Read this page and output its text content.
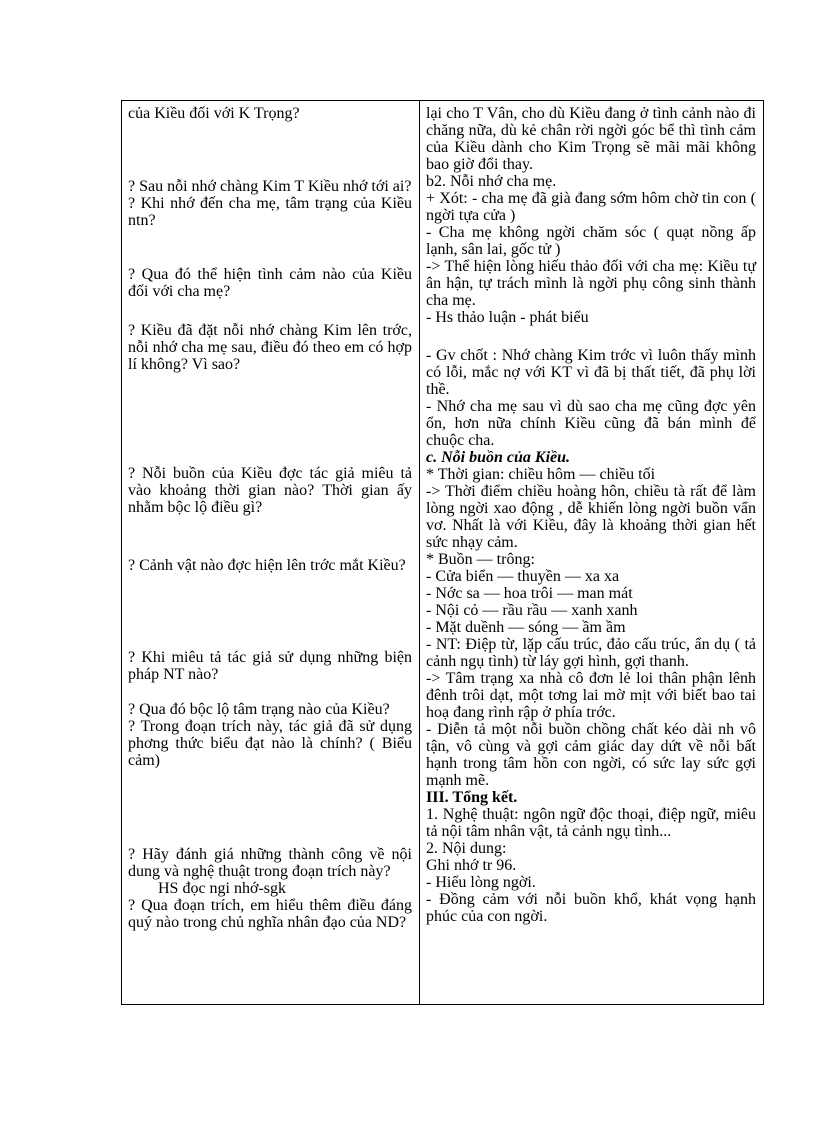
của Kiều đối với K Trọng?

? Sau nỗi nhớ chàng Kim T Kiều nhớ tới ai?

? Khi nhớ đến cha mẹ, tâm trạng của Kiều ntn?

? Qua đó thể hiện tình cảm nào của Kiều đối với cha mẹ?

? Kiều đã đặt nỗi nhớ chàng Kim lên trớc, nỗi nhớ cha mẹ sau, điều đó theo em có hợp lí không? Vì sao?

? Nỗi buồn của Kiều đợc tác giả miêu tả vào khoảng thời gian nào? Thời gian ấy nhằm bộc lộ điều gì?

? Cảnh vật nào đợc hiện lên trớc mắt Kiều?

? Khi miêu tả tác giả sử dụng những biện pháp NT nào?

? Qua đó bộc lộ tâm trạng nào của Kiều?

? Trong đoạn trích này, tác giả đã sử dụng phơng thức biểu đạt nào là chính? ( Biểu cảm)

? Hãy đánh giá những thành công về nội dung và nghệ thuật trong đoạn trích này?

HS đọc ngi nhớ-sgk

? Qua đoạn trích, em hiểu thêm điều đáng quý nào trong chủ nghĩa nhân đạo của ND?

lại cho T Vân, cho dù Kiều đang ở tình cảnh nào đi chăng nữa, dù kẻ chân rời ngời góc bể thì tình cảm của Kiều dành cho Kim Trọng sẽ mãi mãi không bao giờ đổi thay.

b2. Nỗi nhớ cha mẹ.

+ Xót: - cha mẹ đã già đang sớm hôm chờ tin con ( ngời tựa cửa )

- Cha mẹ không ngời chăm sóc ( quạt nồng ấp lạnh, sân lai, gốc tử )

-> Thể hiện lòng hiếu thảo đối với cha mẹ: Kiều tự ân hận, tự trách mình là ngời phụ công sinh thành cha mẹ.

- Hs thảo luận - phát biểu

- Gv chốt : Nhớ chàng Kim trớc vì luôn thấy mình có lỗi, mắc nợ với KT vì đã bị thất tiết, đã phụ lời thề.

- Nhớ cha mẹ sau vì dù sao cha mẹ cũng đợc yên ổn, hơn nữa chính Kiều cũng đã bán mình để chuộc cha.

c. Nỗi buồn của Kiều.

* Thời gian: chiều hôm — chiều tối

-> Thời điểm chiều hoàng hôn, chiều tà rất để làm lòng ngời xao động , dễ khiến lòng ngời buồn vẩn vơ. Nhất là với Kiều, đây là khoảng thời gian hết sức nhạy cảm.

* Buồn — trông:

- Cửa biển — thuyền — xa xa

- Nớc sa — hoa trôi — man mát

- Nội cỏ — rầu rầu — xanh xanh

- Mặt duềnh — sóng — ầm ầm

- NT: Điệp từ, lặp cấu trúc, đảo cấu trúc, ẩn dụ ( tả cảnh ngụ tình) từ láy gợi hình, gợi thanh.

-> Tâm trạng xa nhà cô đơn lẻ loi thân phận lênh đênh trôi dạt, một tơng lai mờ mịt với biết bao tai hoạ đang rình rập ở phía trớc.

- Diễn tả một nỗi buồn chồng chất kéo dài nh vô tận, vô cùng và gợi cảm giác day dứt về nỗi bất hạnh trong tâm hồn con ngời, có sức lay sức gợi mạnh mẽ.

III. Tổng kết.

1. Nghệ thuật: ngôn ngữ độc thoại, điệp ngữ, miêu tả nội tâm nhân vật, tả cảnh ngụ tình...

2. Nội dung:

Ghi nhớ tr 96.

- Hiểu lòng ngời.

- Đồng cảm với nỗi buồn khổ, khát vọng hạnh phúc của con ngời.
